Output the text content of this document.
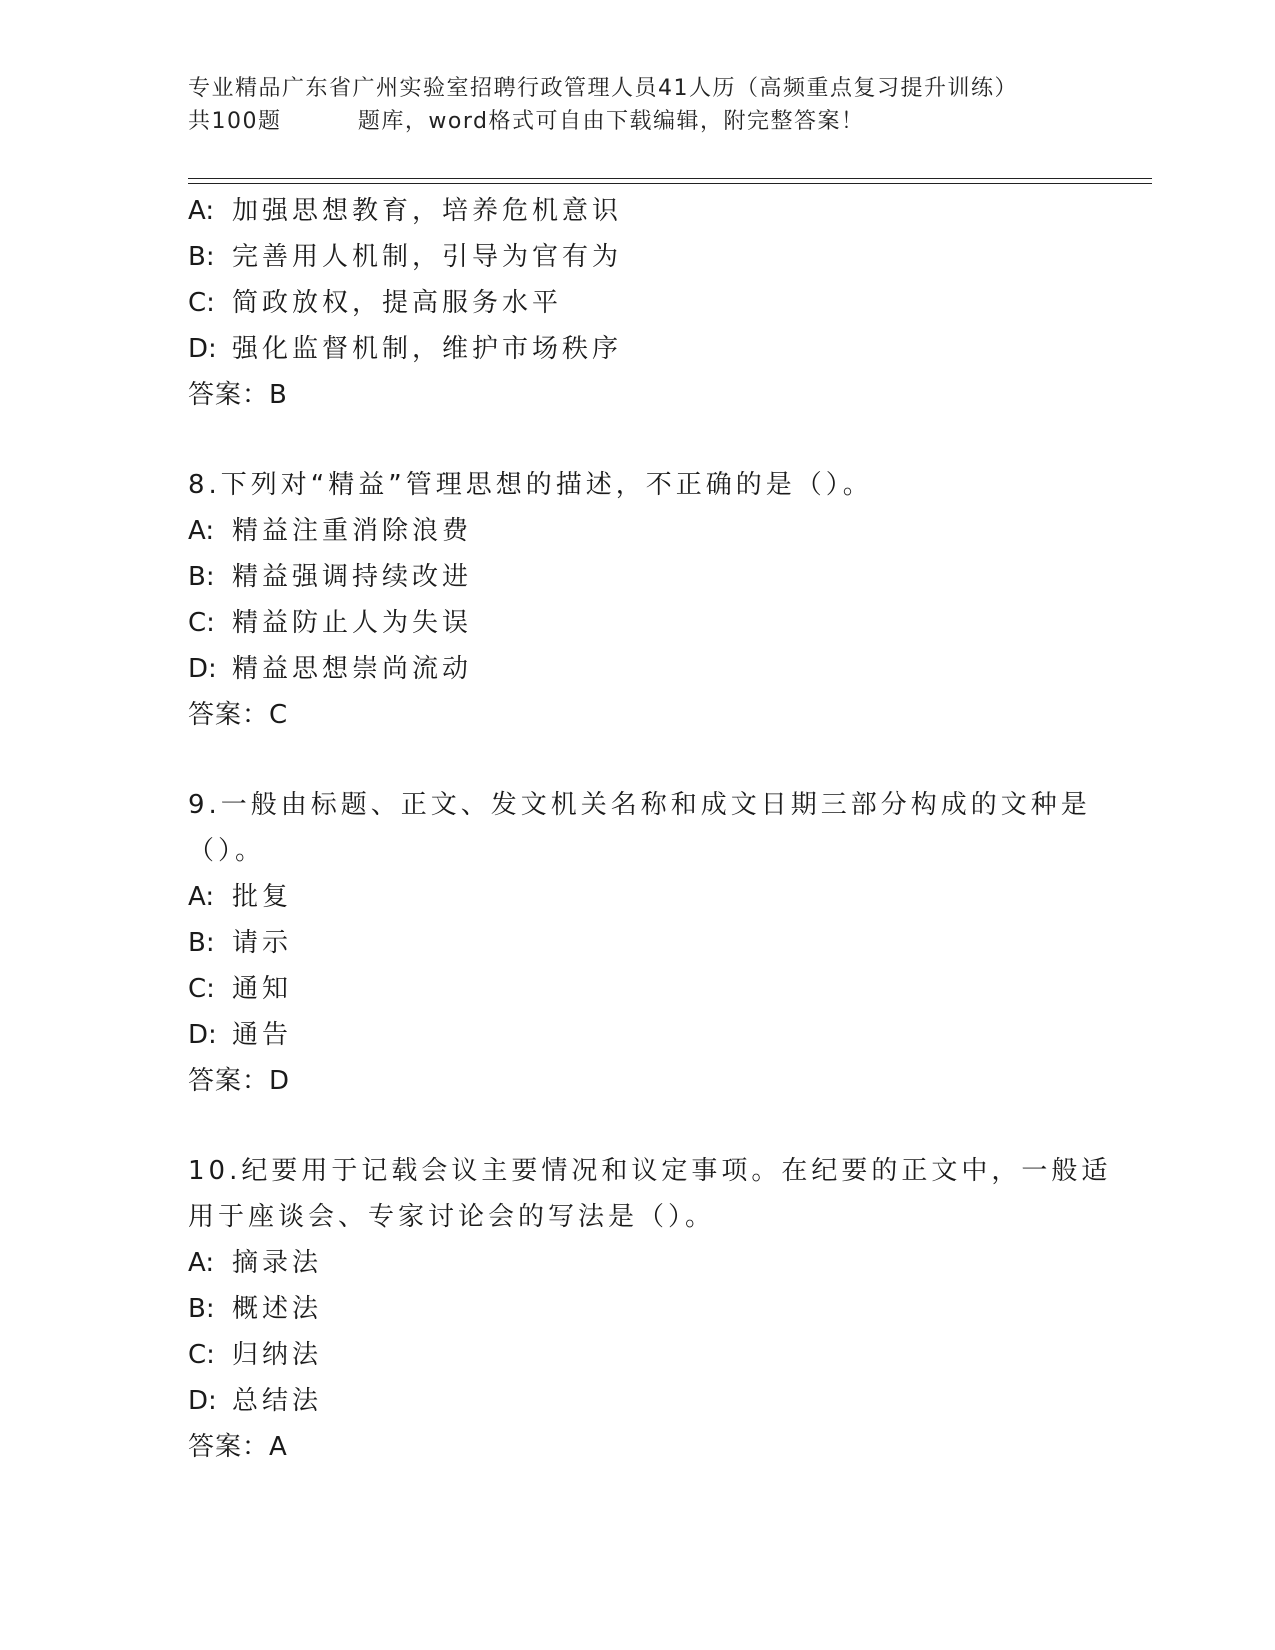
专业精品广东省广州实验室招聘行政管理人员41人历（高频重点复习提升训练）
共100题         题库，word格式可自由下载编辑，附完整答案！
A: 加强思想教育，培养危机意识
B: 完善用人机制，引导为官有为
C: 简政放权，提高服务水平
D: 强化监督机制，维护市场秩序
答案：B
8.下列对“精益”管理思想的描述，不正确的是（）。
A: 精益注重消除浪费
B: 精益强调持续改进
C: 精益防止人为失误
D: 精益思想崇尚流动
答案：C
9.一般由标题、正文、发文机关名称和成文日期三部分构成的文种是
（）。
A: 批复
B: 请示
C: 通知
D: 通告
答案：D
10.纪要用于记载会议主要情况和议定事项。在纪要的正文中，一般适
用于座谈会、专家讨论会的写法是（）。
A: 摘录法
B: 概述法
C: 归纳法
D: 总结法
答案：A
